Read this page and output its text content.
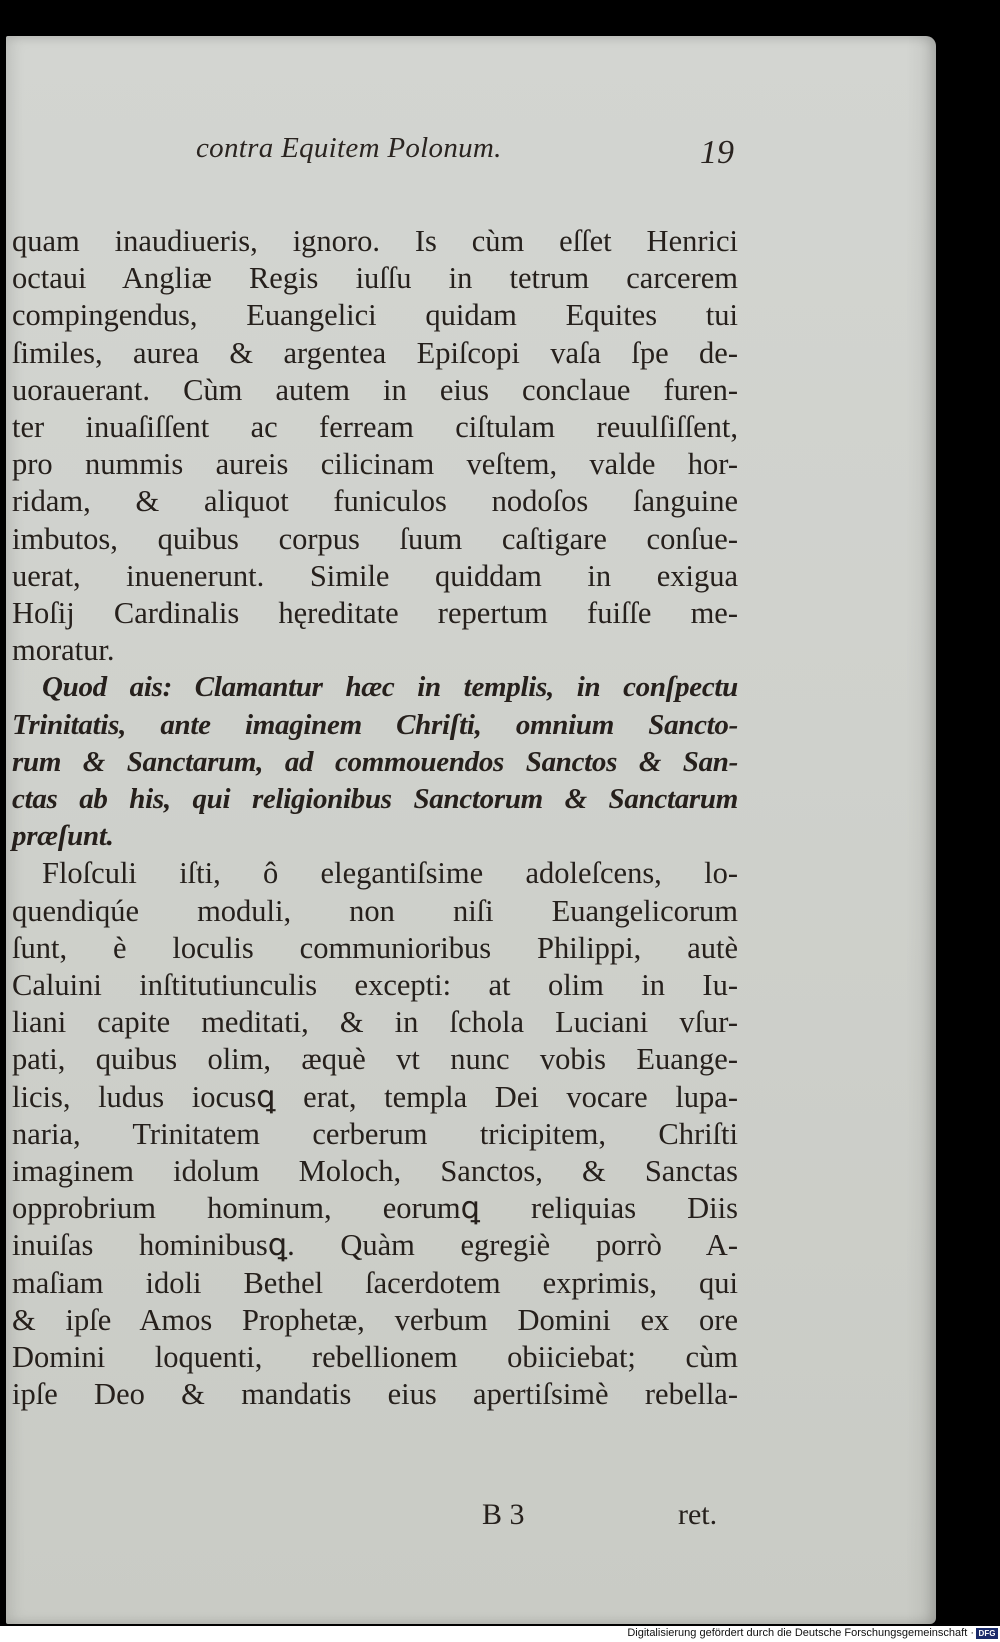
contra Equitem Polonum.	19
quam inaudiueris, ignoro. Is cùm eſſet Henrici
octaui Angliæ Regis iuſſu in tetrum carcerem
compingendus, Euangelici quidam Equites tui
ſimiles, aurea & argentea Epiſcopi vaſa ſpe de-
uorauerant. Cùm autem in eius conclaue furen-
ter inuaſiſſent ac ferream ciſtulam reuulſiſſent,
pro nummis aureis cilicinam veſtem, valde hor-
ridam, & aliquot funiculos nodoſos ſanguine
imbutos, quibus corpus ſuum caſtigare conſue-
uerat, inuenerunt. Simile quiddam in exigua
Hoſij Cardinalis hęreditate repertum fuiſſe me-
moratur.
Quod ais: Clamantur hæc in templis, in conſpectu
Trinitatis, ante imaginem Chriſti, omnium Sancto-
rum & Sanctarum, ad commouendos Sanctos & San-
ctas ab his, qui religionibus Sanctorum & Sanctarum
præſunt.
Floſculi iſti, ô elegantiſsime adoleſcens, lo-
quendiqúe moduli, non niſi Euangelicorum
ſunt, è loculis communioribus Philippi, autè
Caluini inſtitutiunculis excepti: at olim in Iu-
liani capite meditati, & in ſchola Luciani vſur-
pati, quibus olim, æquè vt nunc vobis Euange-
licis, ludus iocusꝗ erat, templa Dei vocare lupa-
naria, Trinitatem cerberum tricipitem, Chriſti
imaginem idolum Moloch, Sanctos, & Sanctas
opprobrium hominum, eorumꝗ reliquias Diis
inuiſas hominibusꝗ. Quàm egregiè porrò A-
maſiam idoli Bethel ſacerdotem exprimis, qui
& ipſe Amos Prophetæ, verbum Domini ex ore
Domini loquenti, rebellionem obiiciebat; cùm
ipſe Deo & mandatis eius apertiſsimè rebella-
B 3	ret.
Digitalisierung gefördert durch die Deutsche Forschungsgemeinschaft · DFG
